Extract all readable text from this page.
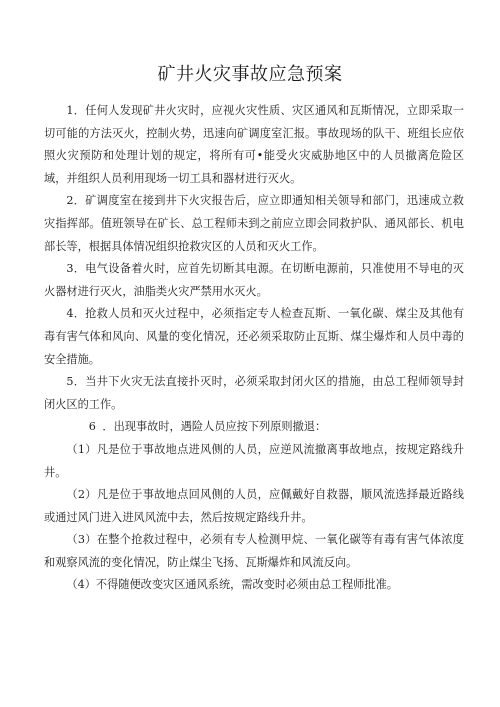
矿井火灾事故应急预案

1．任何人发现矿井火灾时，应视火灾性质、灾区通风和瓦斯情况，立即采取一切可能的方法灭火，控制火势，迅速向矿调度室汇报。事故现场的队干、班组长应依照火灾预防和处理计划的规定，将所有可•能受火灾威胁地区中的人员撤离危险区域，并组织人员利用现场一切工具和器材进行灭火。

2．矿调度室在接到井下火灾报告后，应立即通知相关领导和部门，迅速成立救灾指挥部。值班领导在矿长、总工程师未到之前应立即会同救护队、通风部长、机电部长等，根据具体情况组织抢救灾区的人员和灭火工作。

3．电气设备着火时，应首先切断其电源。在切断电源前，只准使用不导电的灭火器材进行灭火，油脂类火灾严禁用水灭火。

4．抢救人员和灭火过程中，必须指定专人检查瓦斯、一氧化碳、煤尘及其他有毒有害气体和风向、风量的变化情况，还必须采取防止瓦斯、煤尘爆炸和人员中毒的安全措施。

5．当井下火灾无法直接扑灭时，必须采取封闭火区的措施，由总工程师领导封闭火区的工作。

6 ．出现事故时，遇险人员应按下列原则撤退：

（1）凡是位于事故地点进风侧的人员，应逆风流撤离事故地点，按规定路线升井。

（2）凡是位于事故地点回风侧的人员，应佩戴好自救器，顺风流选择最近路线或通过风门进入进风风流中去，然后按规定路线升井。

（3）在整个抢救过程中，必须有专人检测甲烷、一氧化碳等有毒有害气体浓度和观察风流的变化情况，防止煤尘飞扬、瓦斯爆炸和风流反向。

（4）不得随便改变灾区通风系统，需改变时必须由总工程师批准。
